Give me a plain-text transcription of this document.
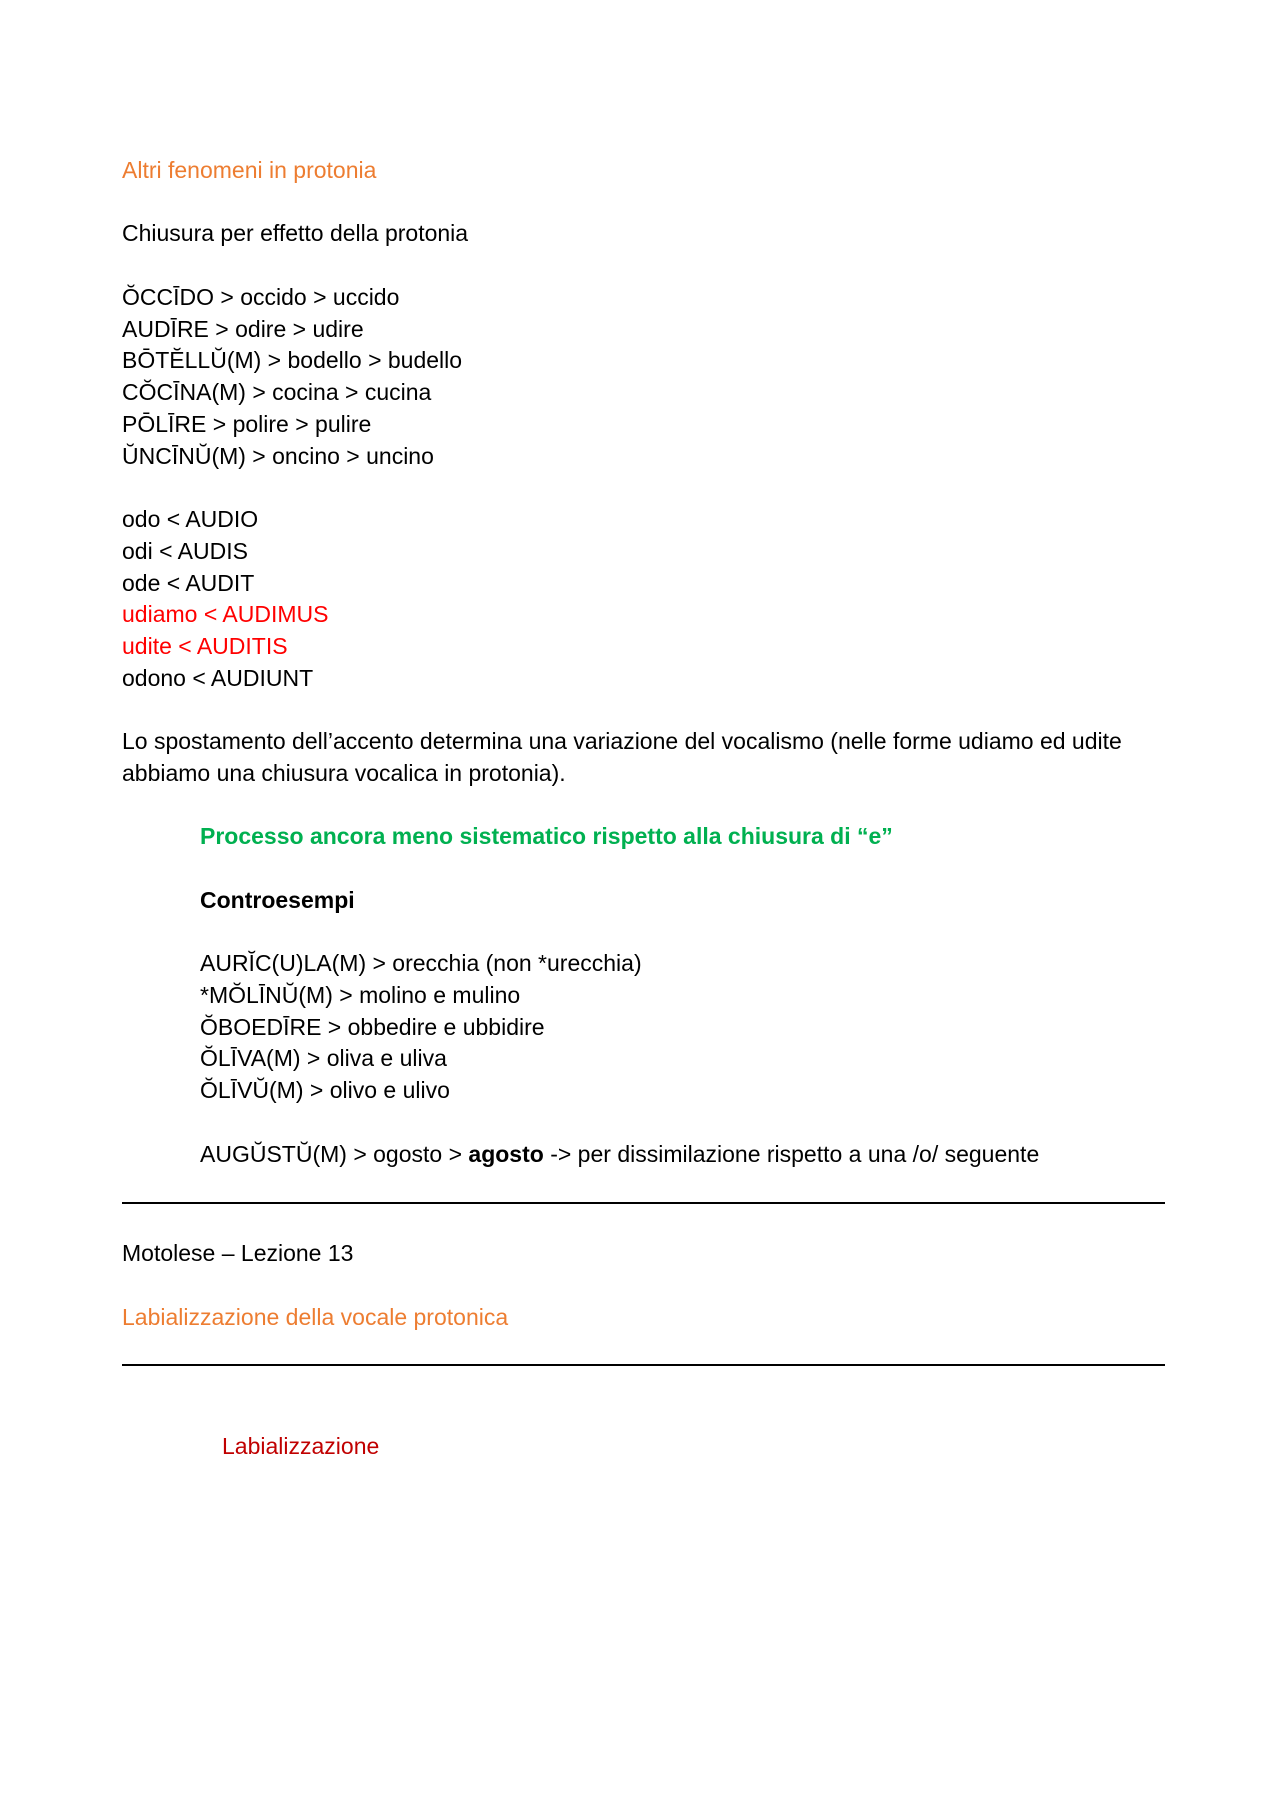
Altri fenomeni in protonia
Chiusura per effetto della protonia
ŎCCĪDO > occido > uccido
AUDĪRE > odire > udire
BŌTĔLLŬ(M) > bodello > budello
CŎCĪNA(M) > cocina > cucina
PŌLĪRE > polire > pulire
ŬNCĪNŬ(M) > oncino > uncino
odo < AUDIO
odi < AUDIS
ode < AUDIT
udiamo < AUDIMUS
udite < AUDITIS
odono < AUDIUNT
Lo spostamento dell’accento determina una variazione del vocalismo (nelle forme udiamo ed udite
abbiamo una chiusura vocalica in protonia).
Processo ancora meno sistematico rispetto alla chiusura di “e”
Controesempi
AURĬC(U)LA(M) > orecchia (non *urecchia)
*MŎLĪNŬ(M) > molino e mulino
ŎBOEDĪRE > obbedire e ubbidire
ŎLĪVA(M) > oliva e uliva
ŎLĪVŬ(M) > olivo e ulivo
AUGŬSTŬ(M) > ogosto > agosto -> per dissimilazione rispetto a una /o/ seguente
Motolese – Lezione 13
Labializzazione della vocale protonica
Labializzazione
